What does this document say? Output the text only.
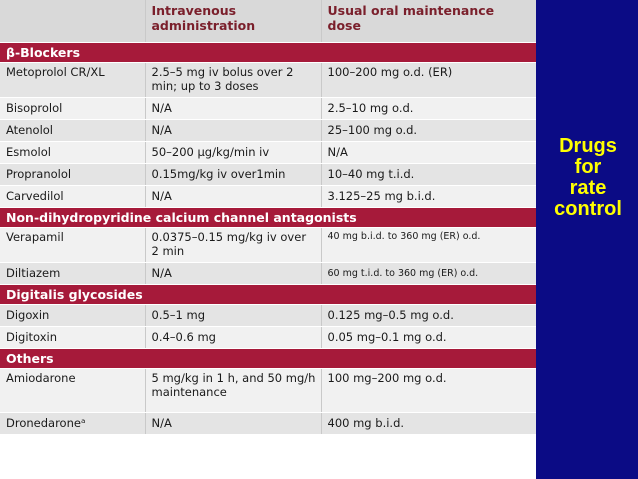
	Intravenous administration	Usual oral maintenance dose
β-Blockers		
Metoprolol CR/XL	2.5–5 mg iv bolus over 2 min; up to 3 doses	100–200 mg o.d. (ER)
Bisoprolol	N/A	2.5–10 mg o.d.
Atenolol	N/A	25–100 mg o.d.
Esmolol	50–200 μg/kg/min iv	N/A
Propranolol	0.15mg/kg iv over1min	10–40 mg t.i.d.
Carvedilol	N/A	3.125–25 mg b.i.d.
Non-dihydropyridine calcium channel antagonists		
Verapamil	0.0375–0.15 mg/kg iv over 2 min	40 mg b.i.d. to 360 mg (ER) o.d.
Diltiazem	N/A	60 mg t.i.d. to 360 mg (ER) o.d.
Digitalis glycosides		
Digoxin	0.5–1 mg	0.125 mg–0.5 mg o.d.
Digitoxin	0.4–0.6 mg	0.05 mg–0.1 mg o.d.
Others		
Amiodarone	5 mg/kg in 1 h, and 50 mg/h maintenance	100 mg–200 mg o.d.
Dronedaroneᵃ	N/A	400 mg b.i.d.
Drugs
for
rate
control
